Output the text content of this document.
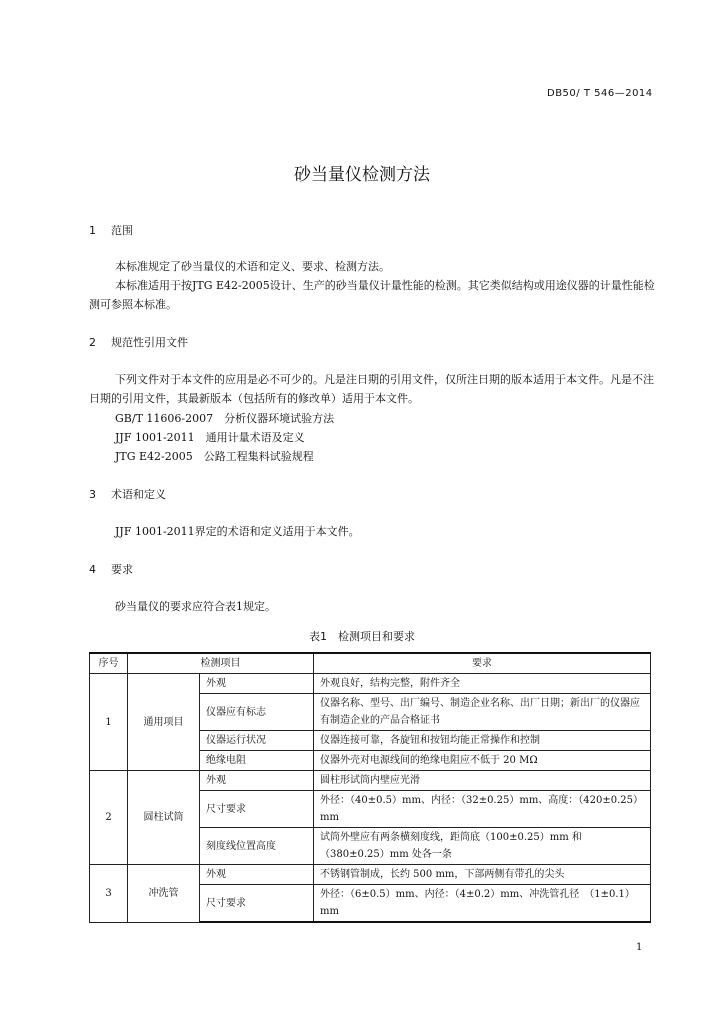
DB50/ T 546—2014
砂当量仪检测方法
1 范围
本标准规定了砂当量仪的术语和定义、要求、检测方法。
本标准适用于按JTG E42-2005设计、生产的砂当量仪计量性能的检测。其它类似结构或用途仪器的计量性能检测可参照本标准。
2 规范性引用文件
下列文件对于本文件的应用是必不可少的。凡是注日期的引用文件，仅所注日期的版本适用于本文件。凡是不注日期的引用文件，其最新版本（包括所有的修改单）适用于本文件。
GB/T 11606-2007　分析仪器环境试验方法
JJF 1001-2011　通用计量术语及定义
JTG E42-2005　公路工程集料试验规程
3 术语和定义
JJF 1001-2011界定的术语和定义适用于本文件。
4 要求
砂当量仪的要求应符合表1规定。
表1　检测项目和要求
序号	检测项目		要求
1	通用项目	外观	外观良好，结构完整，附件齐全
		仪器应有标志	仪器名称、型号、出厂编号、制造企业名称、出厂日期；新出厂的仪器应有制造企业的产品合格证书
		仪器运行状况	仪器连接可靠，各旋钮和按钮均能正常操作和控制
		绝缘电阻	仪器外壳对电源线间的绝缘电阻应不低于 20 MΩ
2	圆柱试筒	外观	圆柱形试筒内壁应光滑
		尺寸要求	外径：（40±0.5）mm、内径：（32±0.25）mm、高度：（420±0.25）mm
		刻度线位置高度	试筒外壁应有两条横刻度线，距筒底（100±0.25）mm 和（380±0.25）mm 处各一条
3	冲洗管	外观	不锈钢管制成，长约 500 mm，下部两侧有带孔的尖头
		尺寸要求	外径：（6±0.5）mm、内径：（4±0.2）mm、冲洗管孔径　（1±0.1）mm
1
